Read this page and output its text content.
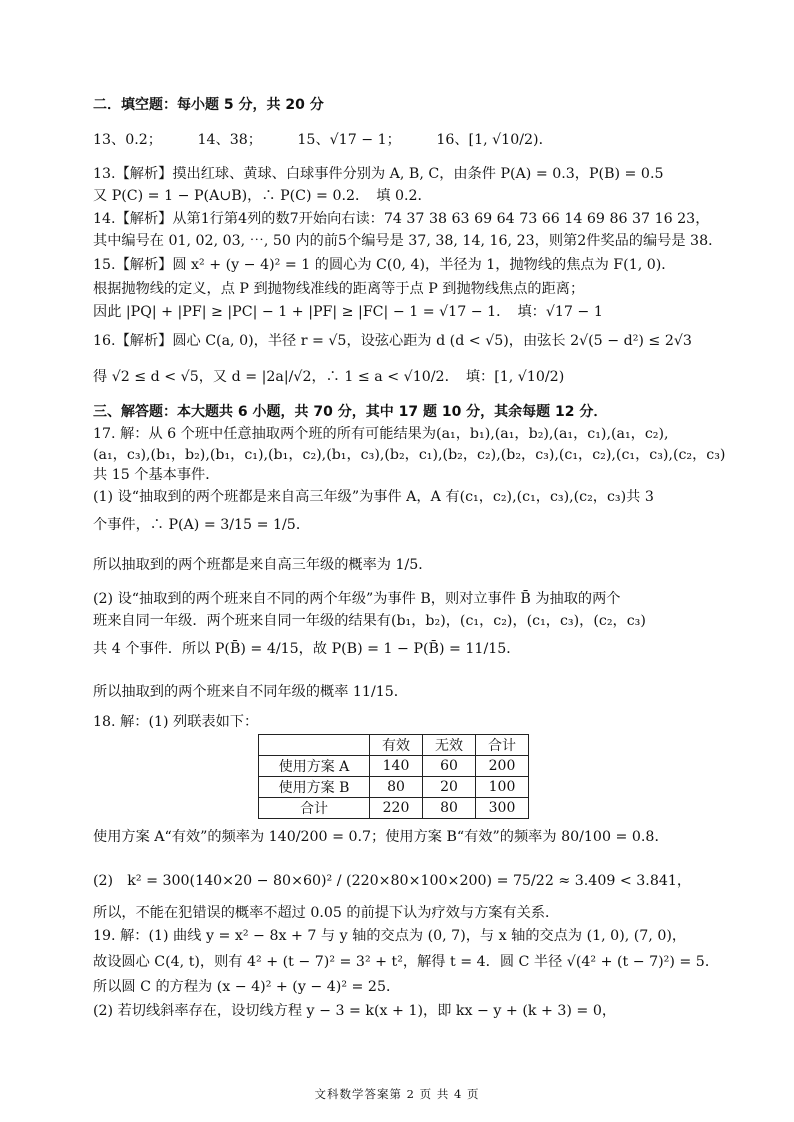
二．填空题：每小题 5 分，共 20 分
13、0.2；　　　14、38；　　　15、√17 − 1；　　　16、[1, √10/2)．
13.【解析】摸出红球、黄球、白球事件分别为 A, B, C，由条件 P(A) = 0.3，P(B) = 0.5
又 P(C) = 1 − P(A∪B)，∴ P(C) = 0.2．　填 0.2．
14.【解析】从第1行第4列的数7开始向右读：74 37 38 63 69 64 73 66 14 69 86 37 16 23，
其中编号在 01, 02, 03, ⋯, 50 内的前5个编号是 37, 38, 14, 16, 23，则第2件奖品的编号是 38．
15.【解析】圆 x² + (y − 4)² = 1 的圆心为 C(0, 4)，半径为 1，抛物线的焦点为 F(1, 0)．
根据抛物线的定义，点 P 到抛物线准线的距离等于点 P 到抛物线焦点的距离；
因此 |PQ| + |PF| ≥ |PC| − 1 + |PF| ≥ |FC| − 1 = √17 − 1．　填：√17 − 1
16.【解析】圆心 C(a, 0)，半径 r = √5，设弦心距为 d (d < √5)，由弦长 2√(5 − d²) ≤ 2√3
得 √2 ≤ d < √5，又 d = |2a|/√2，∴ 1 ≤ a < √10/2．　填：[1, √10/2)
三、解答题：本大题共 6 小题，共 70 分，其中 17 题 10 分，其余每题 12 分．
17. 解：从 6 个班中任意抽取两个班的所有可能结果为(a₁，b₁),(a₁，b₂),(a₁，c₁),(a₁，c₂),
(a₁，c₃),(b₁，b₂),(b₁，c₁),(b₁，c₂),(b₁，c₃),(b₂，c₁),(b₂，c₂),(b₂，c₃),(c₁，c₂),(c₁，c₃),(c₂，c₃)
共 15 个基本事件．
(1) 设“抽取到的两个班都是来自高三年级”为事件 A，A 有(c₁，c₂),(c₁，c₃),(c₂，c₃)共 3
个事件，∴ P(A) = 3/15 = 1/5．
所以抽取到的两个班都是来自高三年级的概率为 1/5．
(2) 设“抽取到的两个班来自不同的两个年级”为事件 B，则对立事件 B̄ 为抽取的两个
班来自同一年级．两个班来自同一年级的结果有(b₁，b₂)，(c₁，c₂)，(c₁，c₃)，(c₂，c₃)
共 4 个事件．所以 P(B̄) = 4/15，故 P(B) = 1 − P(B̄) = 11/15．
所以抽取到的两个班来自不同年级的概率 11/15．
18. 解：(1) 列联表如下：
	有效	无效	合计
使用方案 A	140	60	200
使用方案 B	80	20	100
合计	220	80	300
使用方案 A“有效”的频率为 140/200 = 0.7；使用方案 B“有效”的频率为 80/100 = 0.8．
(2)　k² = 300(140×20 − 80×60)² / (220×80×100×200) = 75/22 ≈ 3.409 < 3.841，
所以，不能在犯错误的概率不超过 0.05 的前提下认为疗效与方案有关系．
19. 解：(1) 曲线 y = x² − 8x + 7 与 y 轴的交点为 (0, 7)，与 x 轴的交点为 (1, 0), (7, 0)，
故设圆心 C(4, t)，则有 4² + (t − 7)² = 3² + t²，解得 t = 4．圆 C 半径 √(4² + (t − 7)²) = 5．
所以圆 C 的方程为 (x − 4)² + (y − 4)² = 25．
(2) 若切线斜率存在，设切线方程 y − 3 = k(x + 1)，即 kx − y + (k + 3) = 0，
文科数学答案第 2 页 共 4 页
